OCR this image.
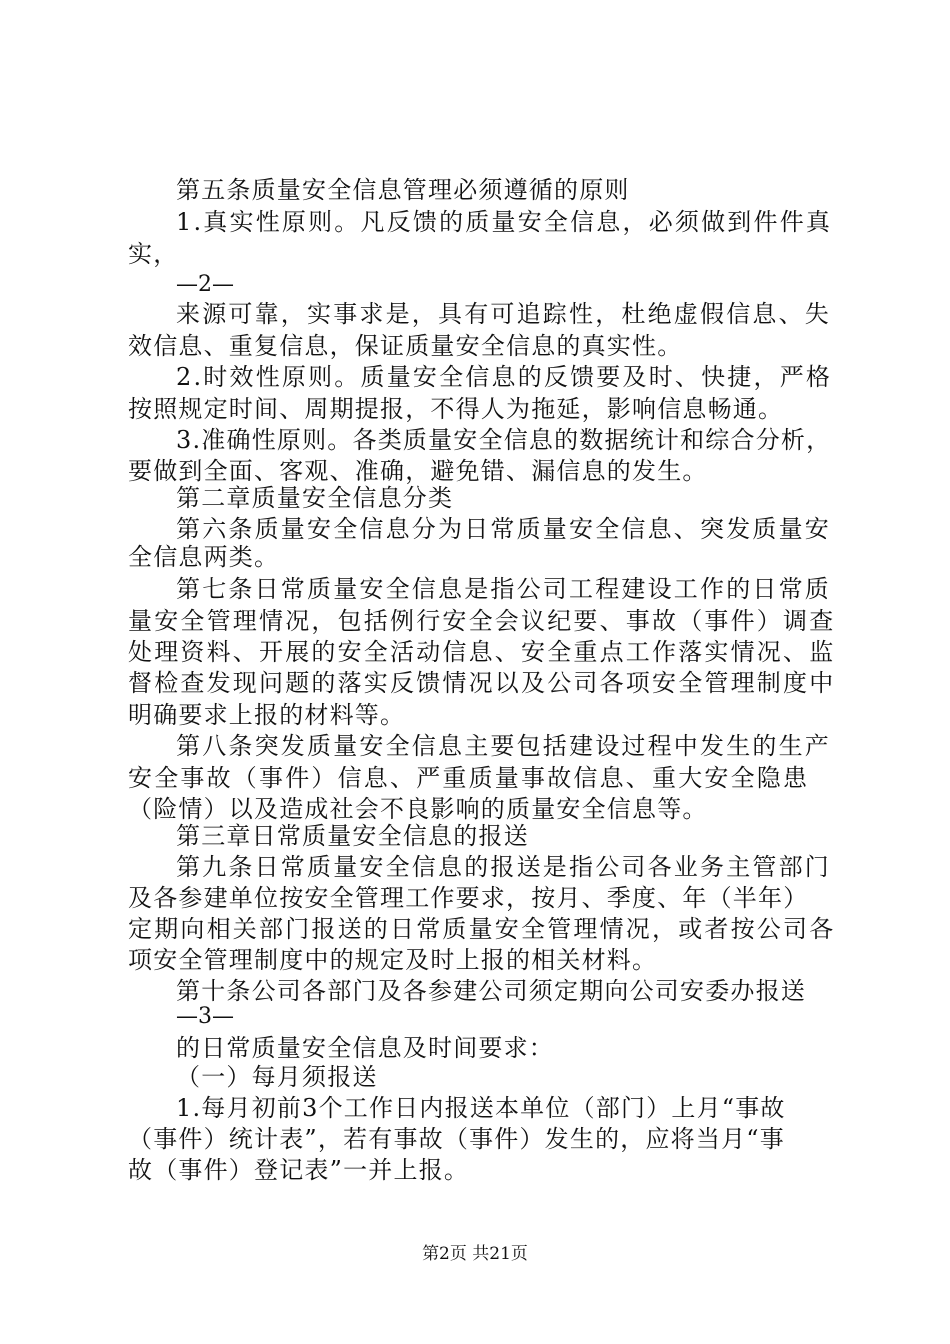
第五条质量安全信息管理必须遵循的原则
1.真实性原则。凡反馈的质量安全信息，必须做到件件真
实，
—2—
来源可靠，实事求是，具有可追踪性，杜绝虚假信息、失
效信息、重复信息，保证质量安全信息的真实性。
2.时效性原则。质量安全信息的反馈要及时、快捷，严格
按照规定时间、周期提报，不得人为拖延，影响信息畅通。
3.准确性原则。各类质量安全信息的数据统计和综合分析，
要做到全面、客观、准确，避免错、漏信息的发生。
第二章质量安全信息分类
第六条质量安全信息分为日常质量安全信息、突发质量安
全信息两类。
第七条日常质量安全信息是指公司工程建设工作的日常质
量安全管理情况，包括例行安全会议纪要、事故（事件）调查
处理资料、开展的安全活动信息、安全重点工作落实情况、监
督检查发现问题的落实反馈情况以及公司各项安全管理制度中
明确要求上报的材料等。
第八条突发质量安全信息主要包括建设过程中发生的生产
安全事故（事件）信息、严重质量事故信息、重大安全隐患
（险情）以及造成社会不良影响的质量安全信息等。
第三章日常质量安全信息的报送
第九条日常质量安全信息的报送是指公司各业务主管部门
及各参建单位按安全管理工作要求，按月、季度、年（半年）
定期向相关部门报送的日常质量安全管理情况，或者按公司各
项安全管理制度中的规定及时上报的相关材料。
第十条公司各部门及各参建公司须定期向公司安委办报送
—3—
的日常质量安全信息及时间要求：
（一）每月须报送
1.每月初前3个工作日内报送本单位（部门）上月“事故
（事件）统计表”，若有事故（事件）发生的，应将当月“事
故（事件）登记表”一并上报。
第2页 共21页
